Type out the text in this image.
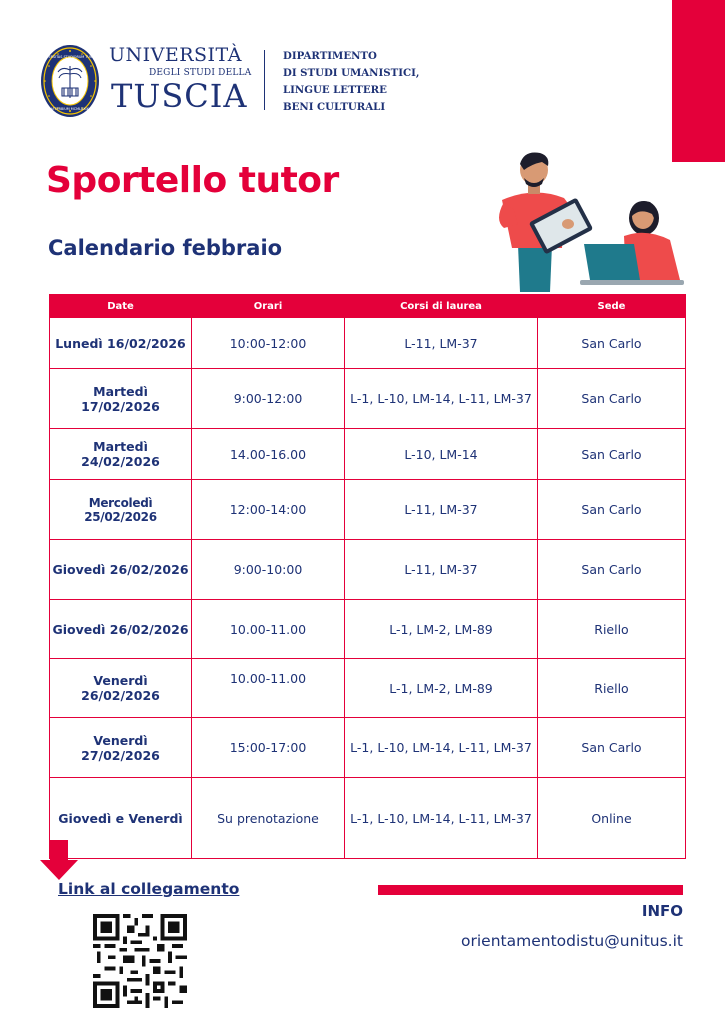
UNIVERSITAS STUDIORUM TUSCIAE
VITERBIUM MCMLXXIX
UNIVERSITÀ
DEGLI STUDI DELLA
TUSCIA
DIPARTIMENTO
DI STUDI UMANISTICI,
LINGUE LETTERE
BENI CULTURALI
Sportello tutor
Calendario febbraio
Date	Orari	Corsi di laurea	Sede
Lunedì 16/02/2026	10:00-12:00	L-11, LM-37	San Carlo
Martedì 17/02/2026	9:00-12:00	L-1, L-10, LM-14, L-11, LM-37	San Carlo
Martedì 24/02/2026	14.00-16.00	L-10, LM-14	San Carlo
Mercoledì 25/02/2026	12:00-14:00	L-11, LM-37	San Carlo
Giovedì 26/02/2026	9:00-10:00	L-11, LM-37	San Carlo
Giovedì 26/02/2026	10.00-11.00	L-1, LM-2, LM-89	Riello
Venerdì 26/02/2026	10.00-11.00	L-1, LM-2, LM-89	Riello
Venerdì 27/02/2026	15:00-17:00	L-1, L-10, LM-14, L-11, LM-37	San Carlo
Giovedì e Venerdì	Su prenotazione	L-1, L-10, LM-14, L-11, LM-37	Online
Link al collegamento
INFO
orientamentodistu@unitus.it
